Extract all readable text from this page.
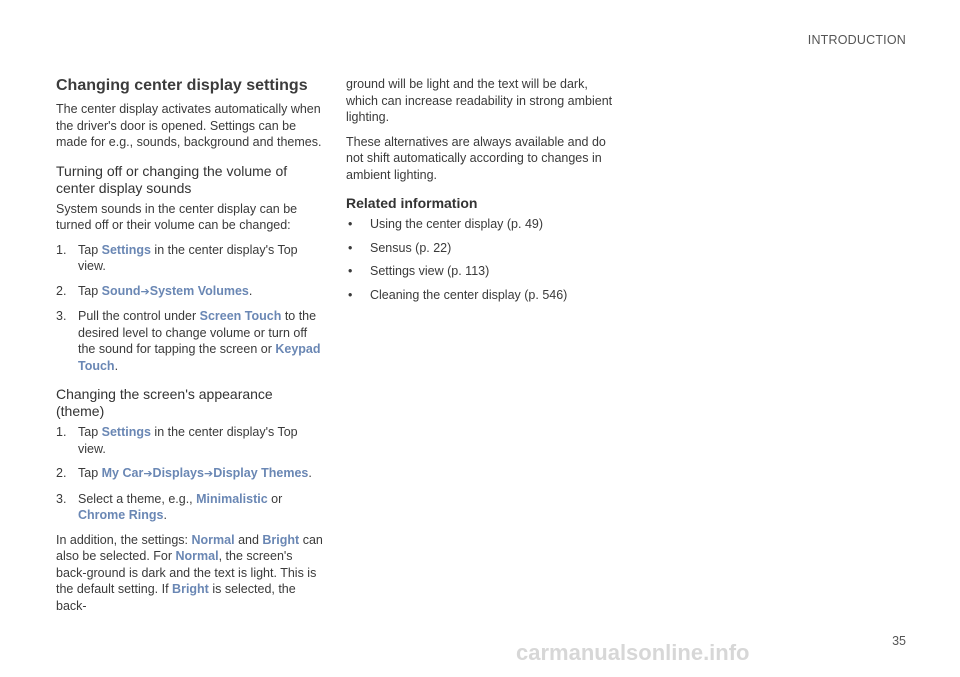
INTRODUCTION
Changing center display settings

The center display activates automatically when the driver's door is opened. Settings can be made for e.g., sounds, background and themes.

Turning off or changing the volume of center display sounds

System sounds in the center display can be turned off or their volume can be changed:

1. Tap Settings in the center display's Top view.
2. Tap Sound➔System Volumes.
3. Pull the control under Screen Touch to the desired level to change volume or turn off the sound for tapping the screen or Keypad Touch.
Changing the screen's appearance (theme)
1. Tap Settings in the center display's Top view.
2. Tap My Car➔Displays➔Display Themes.
3. Select a theme, e.g., Minimalistic or Chrome Rings.

In addition, the settings: Normal and Bright can also be selected. For Normal, the screen's back-ground is dark and the text is light. This is the default setting. If Bright is selected, the back-

ground will be light and the text will be dark, which can increase readability in strong ambient lighting.

These alternatives are always available and do not shift automatically according to changes in ambient lighting.

Related information
• Using the center display (p. 49)
• Sensus (p. 22)
• Settings view (p. 113)
• Cleaning the center display (p. 546)
35
carmanualsonline.info
